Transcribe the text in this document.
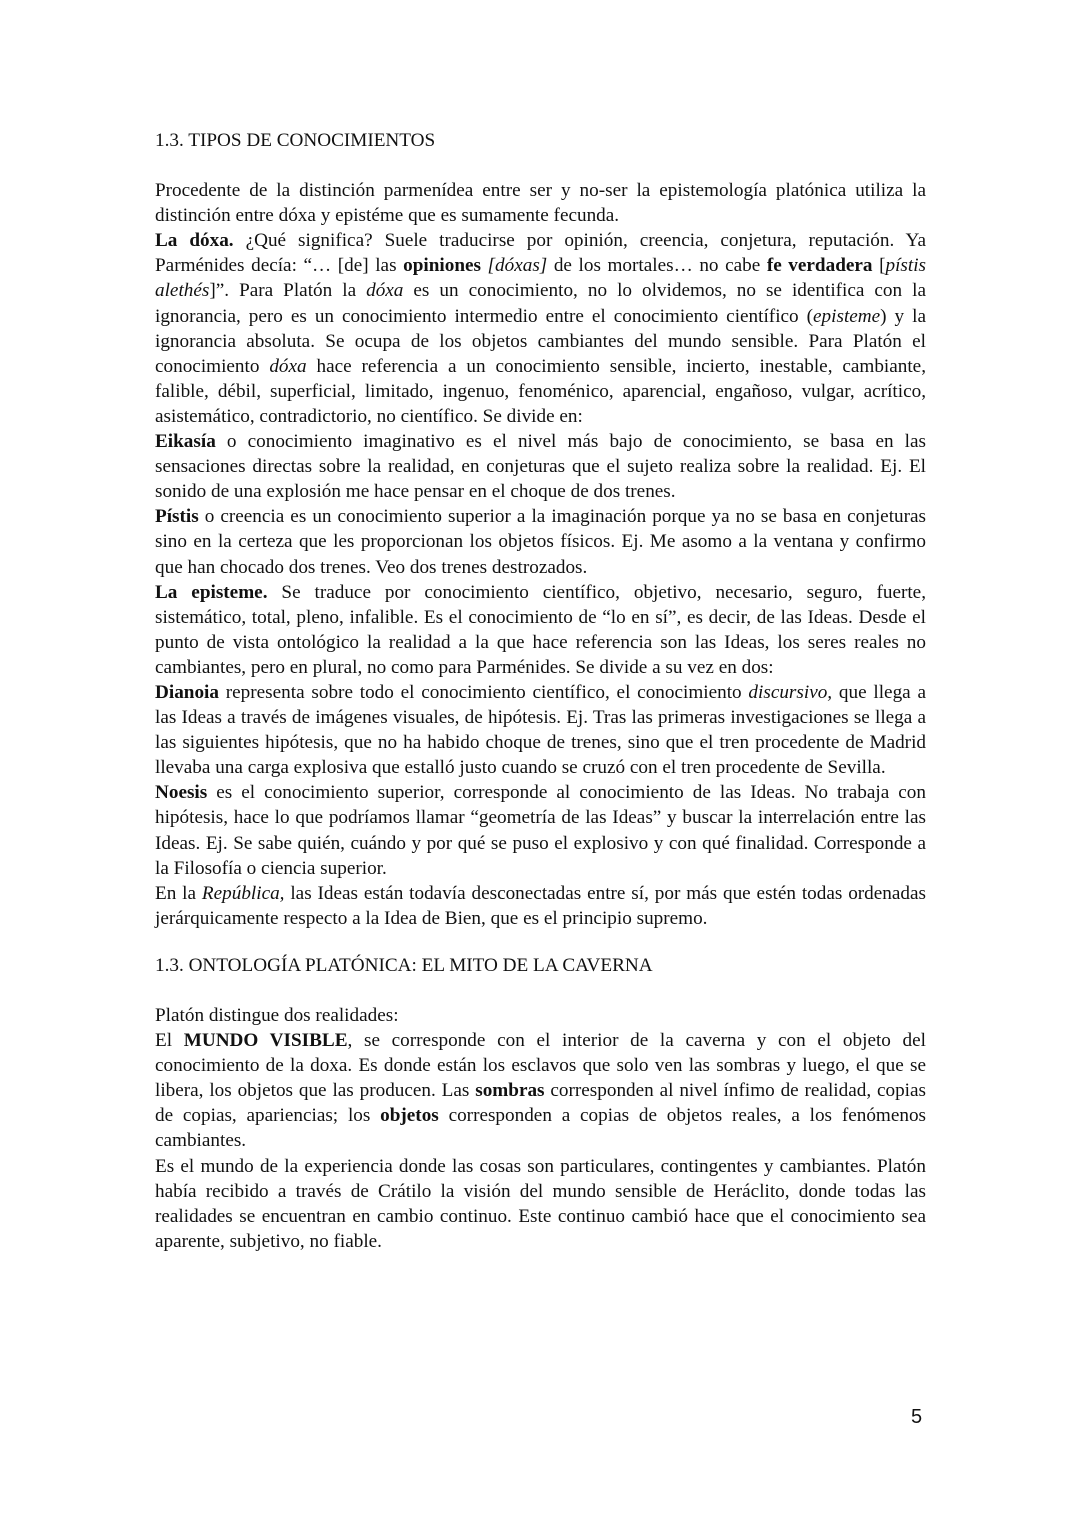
1.3. TIPOS DE CONOCIMIENTOS

Procedente de la distinción parmenídea entre ser y no-ser la epistemología platónica utiliza la distinción entre dóxa y epistéme que es sumamente fecunda.

La dóxa. ¿Qué significa? Suele traducirse por opinión, creencia, conjetura, reputación. Ya Parménides decía: “… [de] las opiniones [dóxas] de los mortales… no cabe fe verdadera [pístis alethés]”. Para Platón la dóxa es un conocimiento, no lo olvidemos, no se identifica con la ignorancia, pero es un conocimiento intermedio entre el conocimiento científico (episteme) y la ignorancia absoluta. Se ocupa de los objetos cambiantes del mundo sensible. Para Platón el conocimiento dóxa hace referencia a un conocimiento sensible, incierto, inestable, cambiante, falible, débil, superficial, limitado, ingenuo, fenoménico, aparencial, engañoso, vulgar, acrítico, asistemático, contradictorio, no científico. Se divide en:

Eikasía o conocimiento imaginativo es el nivel más bajo de conocimiento, se basa en las sensaciones directas sobre la realidad, en conjeturas que el sujeto realiza sobre la realidad. Ej. El sonido de una explosión me hace pensar en el choque de dos trenes.

Pístis o creencia es un conocimiento superior a la imaginación porque ya no se basa en conjeturas sino en la certeza que les proporcionan los objetos físicos. Ej. Me asomo a la ventana y confirmo que han chocado dos trenes. Veo dos trenes destrozados.

La episteme. Se traduce por conocimiento científico, objetivo, necesario, seguro, fuerte, sistemático, total, pleno, infalible. Es el conocimiento de “lo en sí”, es decir, de las Ideas. Desde el punto de vista ontológico la realidad a la que hace referencia son las Ideas, los seres reales no cambiantes, pero en plural, no como para Parménides. Se divide a su vez en dos:

Dianoia representa sobre todo el conocimiento científico, el conocimiento discursivo, que llega a las Ideas a través de imágenes visuales, de hipótesis. Ej. Tras las primeras investigaciones se llega a las siguientes hipótesis, que no ha habido choque de trenes, sino que el tren procedente de Madrid llevaba una carga explosiva que estalló justo cuando se cruzó con el tren procedente de Sevilla.

Noesis es el conocimiento superior, corresponde al conocimiento de las Ideas. No trabaja con hipótesis, hace lo que podríamos llamar “geometría de las Ideas” y buscar la interrelación entre las Ideas. Ej. Se sabe quién, cuándo y por qué se puso el explosivo y con qué finalidad. Corresponde a la Filosofía o ciencia superior.

En la República, las Ideas están todavía desconectadas entre sí, por más que estén todas ordenadas jerárquicamente respecto a la Idea de Bien, que es el principio supremo.

1.3. ONTOLOGÍA PLATÓNICA: EL MITO DE LA CAVERNA

Platón distingue dos realidades:

El MUNDO VISIBLE, se corresponde con el interior de la caverna y con el objeto del conocimiento de la doxa. Es donde están los esclavos que solo ven las sombras y luego, el que se libera, los objetos que las producen. Las sombras corresponden al nivel ínfimo de realidad, copias de copias, apariencias; los objetos corresponden a copias de objetos reales, a los fenómenos cambiantes.

Es el mundo de la experiencia donde las cosas son particulares, contingentes y cambiantes. Platón había recibido a través de Crátilo la visión del mundo sensible de Heráclito, donde todas las realidades se encuentran en cambio continuo. Este continuo cambió hace que el conocimiento sea aparente, subjetivo, no fiable.

5
